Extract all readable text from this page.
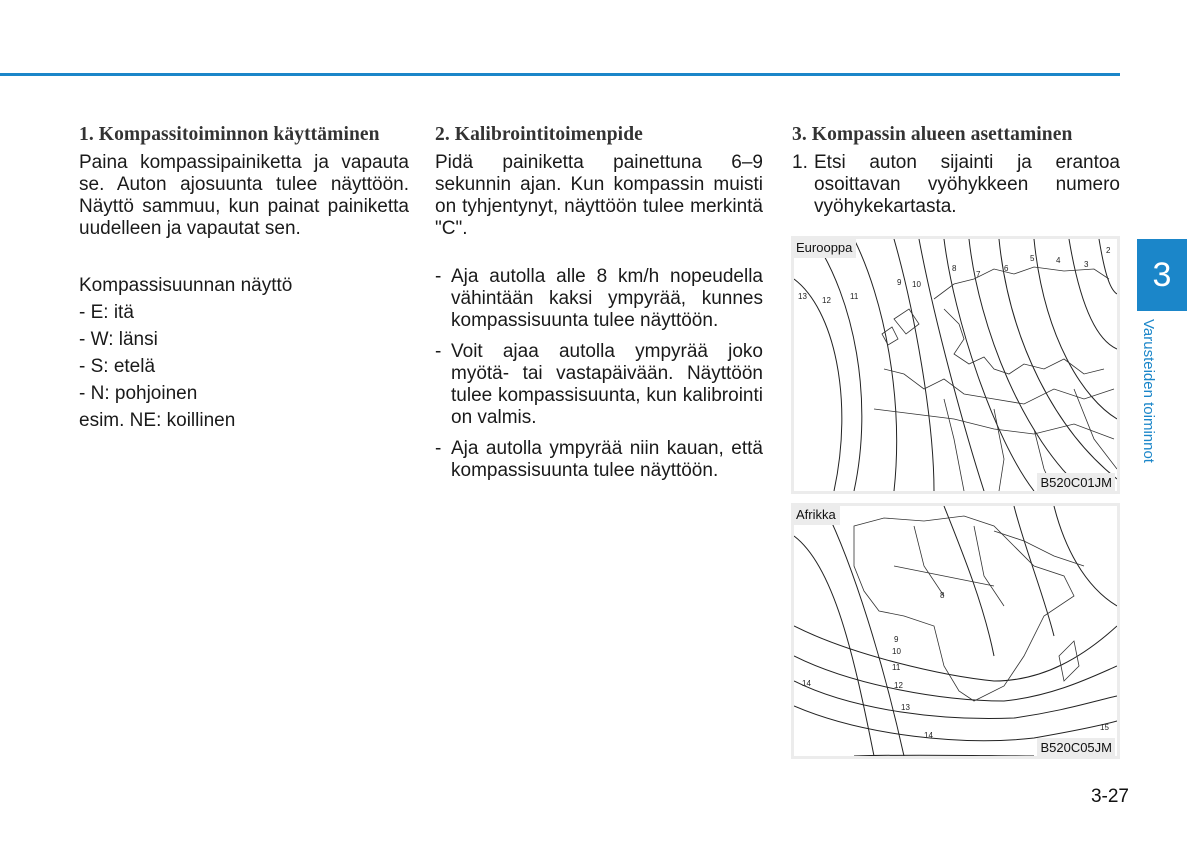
1. Kompassitoiminnon käyttäminen

Paina kompassipainiketta ja vapauta se. Auton ajosuunta tulee näyttöön. Näyttö sammuu, kun painat painiketta uudelleen ja vapautat sen.

Kompassisuunnan näyttö

- E: itä

- W: länsi

- S: etelä

- N: pohjoinen

esim. NE: koillinen

2. Kalibrointitoimenpide

Pidä painiketta painettuna 6–9 sekunnin ajan. Kun kompassin muisti on tyhjentynyt, näyttöön tulee merkintä "C".

- Aja autolla alle 8 km/h nopeudella vähintään kaksi ympyrää, kunnes kompassisuunta tulee näyttöön.
- Voit ajaa autolla ympyrää joko myötä- tai vastapäivään. Näyttöön tulee kompassisuunta, kun kalibrointi on valmis.
- Aja autolla ympyrää niin kauan, että kompassisuunta tulee näyttöön.
3. Kompassin alueen asettaminen
1. Etsi auton sijainti ja erantoa osoittavan vyöhykkeen numero vyöhykekartasta.
13 12 11
10
9
8
7
6
5	4	3
2
Eurooppa
B520C01JM
8
9
10
11
12
13
14
14
15
Afrikka
B520C05JM
3
Varusteiden toiminnot
3-27
